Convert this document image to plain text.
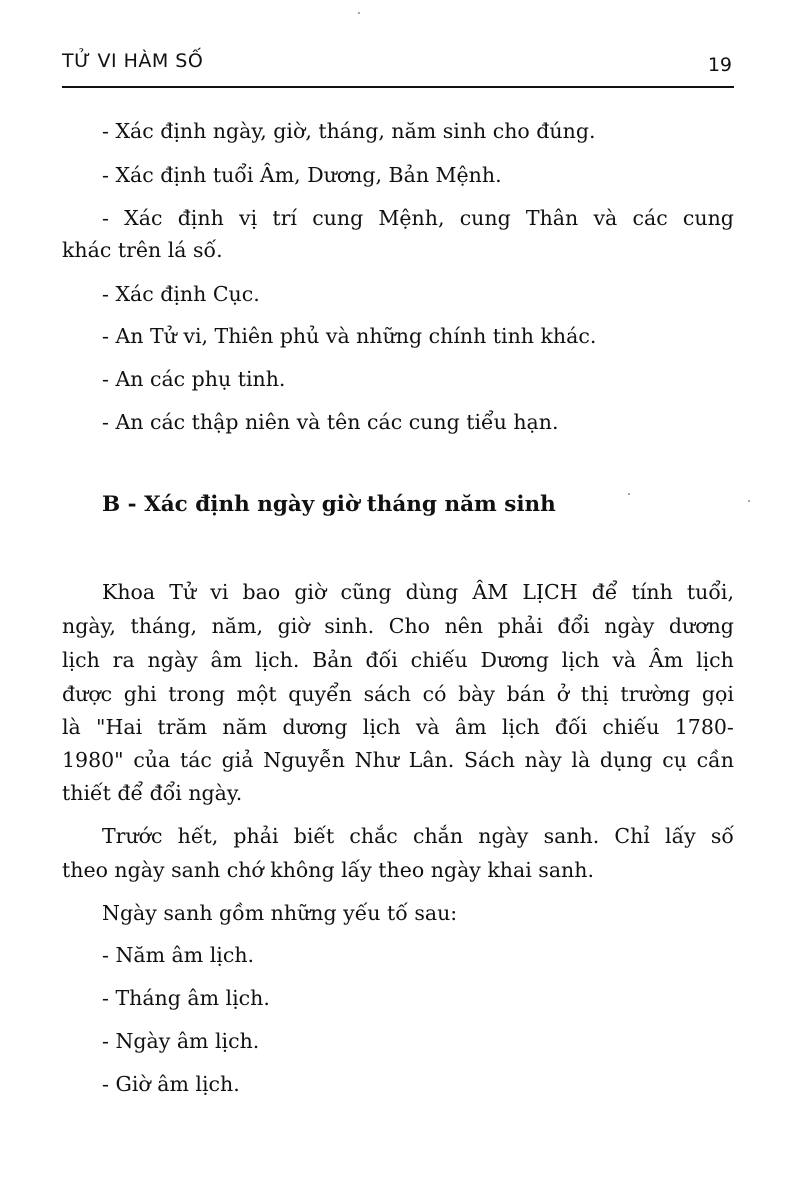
TỬ VI HÀM SỐ	19
- Xác định ngày, giờ, tháng, năm sinh cho đúng.
- Xác định tuổi Âm, Dương, Bản Mệnh.
- Xác định vị trí cung Mệnh, cung Thân và các cung
khác trên lá số.
- Xác định Cục.
- An Tử vi, Thiên phủ và những chính tinh khác.
- An các phụ tinh.
- An các thập niên và tên các cung tiểu hạn.
B - Xác định ngày giờ tháng năm sinh
Khoa Tử vi bao giờ cũng dùng ÂM LỊCH để tính tuổi,
ngày, tháng, năm, giờ sinh. Cho nên phải đổi ngày dương
lịch ra ngày âm lịch. Bản đối chiếu Dương lịch và Âm lịch
được ghi trong một quyển sách có bày bán ở thị trường gọi
là "Hai trăm năm dương lịch và âm lịch đối chiếu 1780-
1980" của tác giả Nguyễn Như Lân. Sách này là dụng cụ cần
thiết để đổi ngày.
Trước hết, phải biết chắc chắn ngày sanh. Chỉ lấy số
theo ngày sanh chớ không lấy theo ngày khai sanh.
Ngày sanh gồm những yếu tố sau:
- Năm âm lịch.
- Tháng âm lịch.
- Ngày âm lịch.
- Giờ âm lịch.
